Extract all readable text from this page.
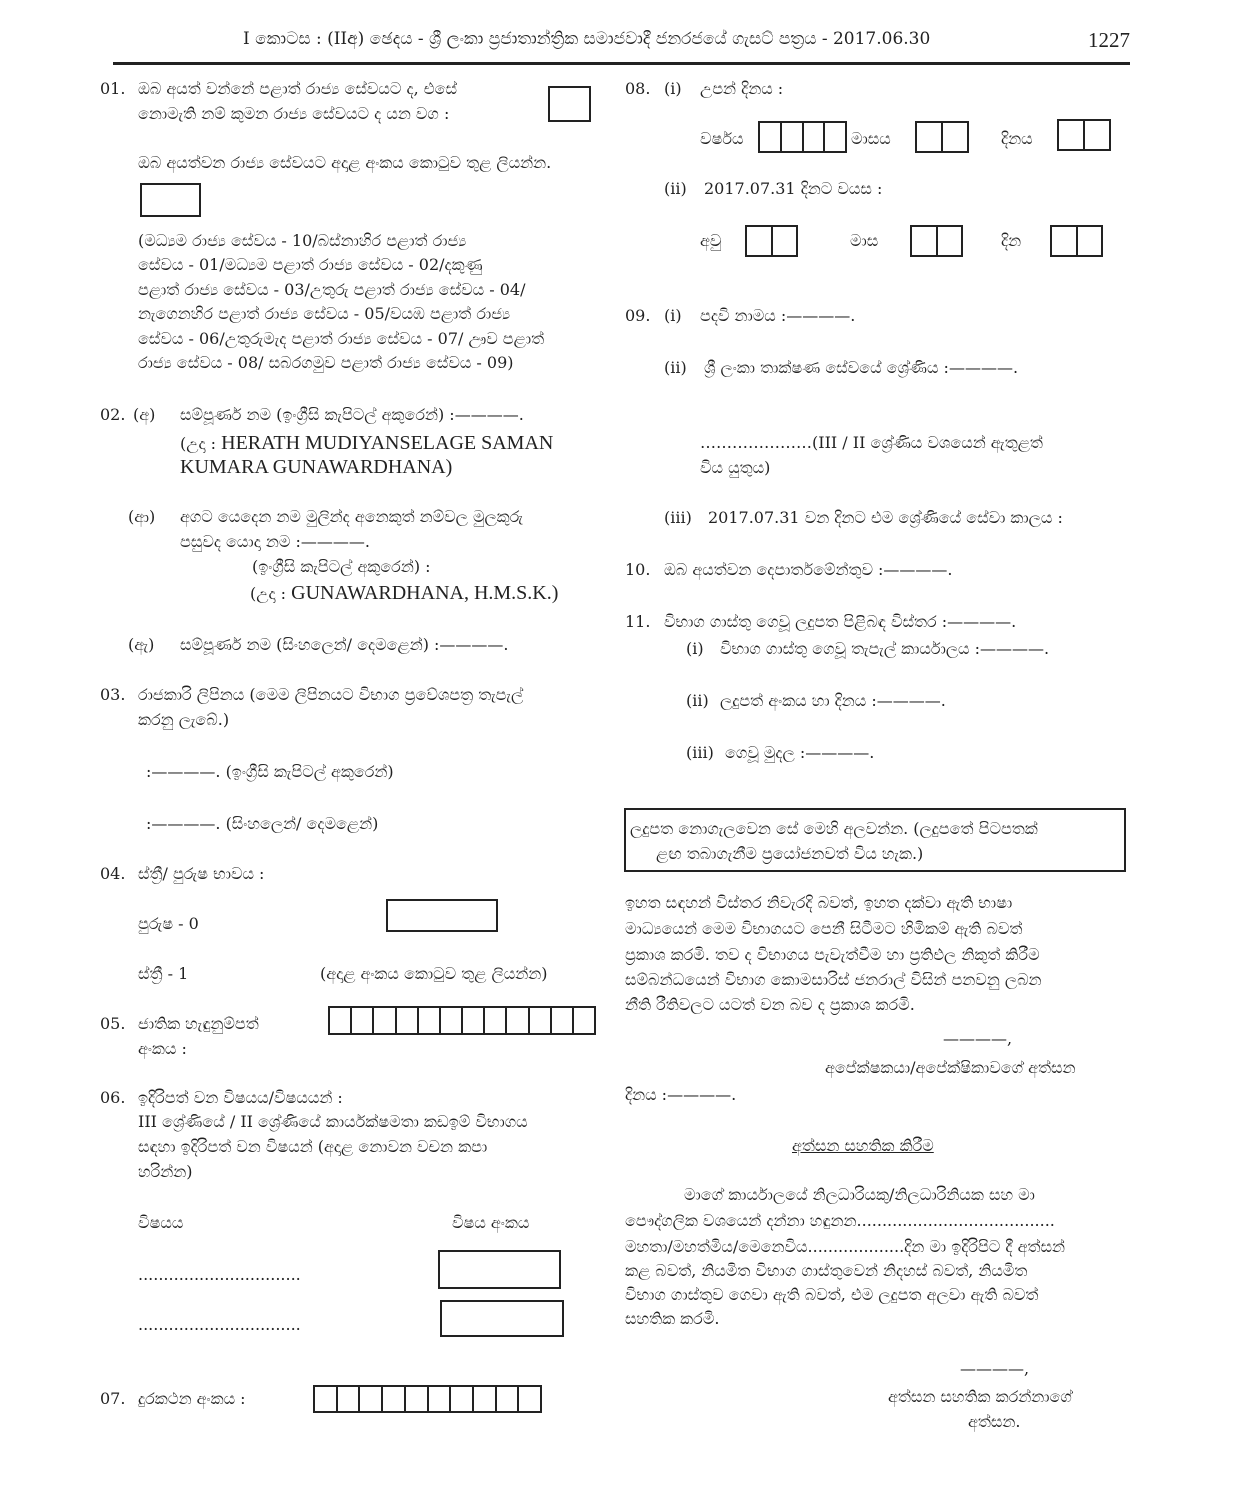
I කොටස : (IIඅ) ඡෙදය - ශ්‍රී ලංකා ප්‍රජාතාන්ත්‍රික සමාජවාදී ජනරජයේ ගැසට් පත්‍රය - 2017.06.30	1227
01. ඔබ අයත් වන්නේ පළාත් රාජ්‍ය සේවයට ද, එසේ
නොමැති නම් කුමන රාජ්‍ය සේවයට ද යන වග :
ඔබ අයත්වන රාජ්‍ය සේවයට අදාළ අංකය කොටුව තුළ ලියන්න.
(මධ්‍යම රාජ්‍ය සේවය - 10/බස්නාහිර පළාත් රාජ්‍ය
සේවය - 01/මධ්‍යම පළාත් රාජ්‍ය සේවය - 02/දකුණු
පළාත් රාජ්‍ය සේවය - 03/උතුරු පළාත් රාජ්‍ය සේවය - 04/
නැගෙනහිර පළාත් රාජ්‍ය සේවය - 05/වයඹ පළාත් රාජ්‍ය
සේවය - 06/උතුරුමැද පළාත් රාජ්‍ය සේවය - 07/ ඌව පළාත්
රාජ්‍ය සේවය - 08/ සබරගමුව පළාත් රාජ්‍ය සේවය - 09)
02. (අ) සම්පූර්ණ නම (ඉංග්‍රීසි කැපිටල් අකුරෙන්) :————.
(උදා : HERATH MUDIYANSELAGE SAMAN
KUMARA GUNAWARDHANA)
(ආ) අගට යෙදෙන නම මුලින්ද අනෙකුත් නම්වල මුලකුරු
පසුවද යොදා නම :————.
(ඉංග්‍රීසි කැපිටල් අකුරෙන්) :
(උදා : GUNAWARDHANA, H.M.S.K.)
(ඇ) සම්පූර්ණ නම (සිංහලෙන්/ දෙමළෙන්) :————.
03. රාජකාරි ලිපිනය (මෙම ලිපිනයට විභාග ප්‍රවේශපත්‍ර තැපැල්
කරනු ලැබේ.)
:————. (ඉංග්‍රීසි කැපිටල් අකුරෙන්)
:————. (සිංහලෙන්/ දෙමළෙන්)
04. ස්ත්‍රී/ පුරුෂ භාවය :
පුරුෂ - 0
ස්ත්‍රී - 1	(අදාළ අංකය කොටුව තුළ ලියන්න)
05. ජාතික හැඳුනුම්පත්
අංකය :
06. ඉදිරිපත් වන විෂයය/විෂයයන් :
III ශ්‍රේණියේ / II ශ්‍රේණියේ කාර්යක්ෂමතා කඩඉම් විභාගය
සඳහා ඉදිරිපත් වන විෂයන් (අදාළ නොවන වචන කපා
හරින්න)
විෂයය	විෂය අංකය
................................
................................
07. දුරකථන අංකය :
08. (i) උපන් දිනය :
වර්ෂය	මාසය	දිනය
(ii) 2017.07.31 දිනට වයස :
අවු	මාස	දින
09. (i) පදවි නාමය :————.
(ii) ශ්‍රී ලංකා තාක්ෂණ සේවයේ ශ්‍රේණිය :————.
…………………(III / II ශ්‍රේණිය වශයෙන් ඇතුළත්
විය යුතුය)
(iii) 2017.07.31 වන දිනට එම ශ්‍රේණියේ සේවා කාලය :
10. ඔබ අයත්වන දෙපාර්තමේන්තුව :————.
11. විභාග ගාස්තු ගෙවූ ලදුපත පිළිබඳ විස්තර :————.
(i) විභාග ගාස්තු ගෙවූ තැපැල් කාර්යාලය :————.
(ii) ලදුපත් අංකය හා දිනය :————.
(iii) ගෙවූ මුදල :————.
ලදුපත නොගැලවෙන සේ මෙහි අලවන්න. (ලදුපතේ පිටපතක්
ළඟ තබාගැනීම ප්‍රයෝජනවත් විය හැක.)
ඉහත සඳහන් විස්තර නිවැරදි බවත්, ඉහත දක්වා ඇති භාෂා
මාධ්‍යයෙන් මෙම විභාගයට පෙනී සිටීමට හිමිකම් ඇති බවත්
ප්‍රකාශ කරමි. තව ද විභාගය පැවැත්වීම හා ප්‍රතිඵල නිකුත් කිරීම
සම්බන්ධයෙන් විභාග කොමසාරිස් ජනරාල් විසින් පනවනු ලබන
නීති රීතිවලට යටත් වන බව ද ප්‍රකාශ කරමි.
————,
අපේක්ෂකයා/අපේක්ෂිකාවගේ අත්සන
දිනය :————.
අත්සන සහතික කිරීම
මාගේ කාර්යාලයේ නිලධාරියකු/නිලධාරිනියක සහ මා
පෞද්ගලික වශයෙන් දන්නා හඳුනන.......................................
මහතා/මහත්මිය/මෙනෙවිය...................දින මා ඉදිරිපිට දී අත්සන්
කළ බවත්, නියමිත විභාග ගාස්තුවෙන් නිදහස් බවත්, නියමිත
විභාග ගාස්තුව ගෙවා ඇති බවත්, එම ලදුපත අලවා ඇති බවත්
සහතික කරමි.
————,
අත්සන සහතික කරන්නාගේ
අත්සන.
